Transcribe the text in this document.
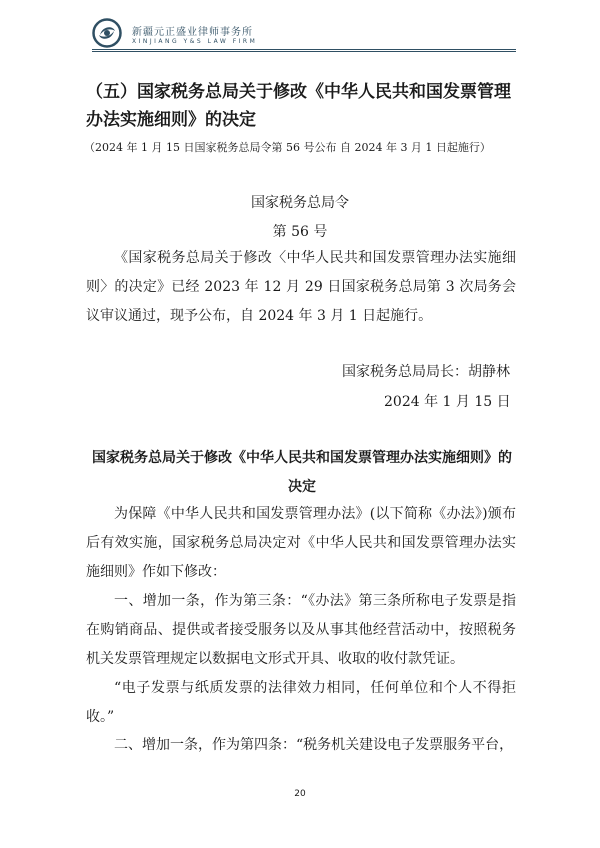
新疆元正盛业律师事务所
XINJIANG Y&S LAW FIRM
（五）国家税务总局关于修改《中华人民共和国发票管理办法实施细则》的决定
（2024 年 1 月 15 日国家税务总局令第 56 号公布 自 2024 年 3 月 1 日起施行）
国家税务总局令
第 56 号

《国家税务总局关于修改〈中华人民共和国发票管理办法实施细则〉的决定》已经 2023 年 12 月 29 日国家税务总局第 3 次局务会议审议通过，现予公布，自 2024 年 3 月 1 日起施行。

国家税务总局局长：胡静林
2024 年 1 月 15 日
国家税务总局关于修改《中华人民共和国发票管理办法实施细则》的决定

为保障《中华人民共和国发票管理办法》(以下简称《办法》)颁布后有效实施，国家税务总局决定对《中华人民共和国发票管理办法实施细则》作如下修改：

一、增加一条，作为第三条：“《办法》第三条所称电子发票是指在购销商品、提供或者接受服务以及从事其他经营活动中，按照税务机关发票管理规定以数据电文形式开具、收取的收付款凭证。

“电子发票与纸质发票的法律效力相同，任何单位和个人不得拒收。”

二、增加一条，作为第四条：“税务机关建设电子发票服务平台，

20
